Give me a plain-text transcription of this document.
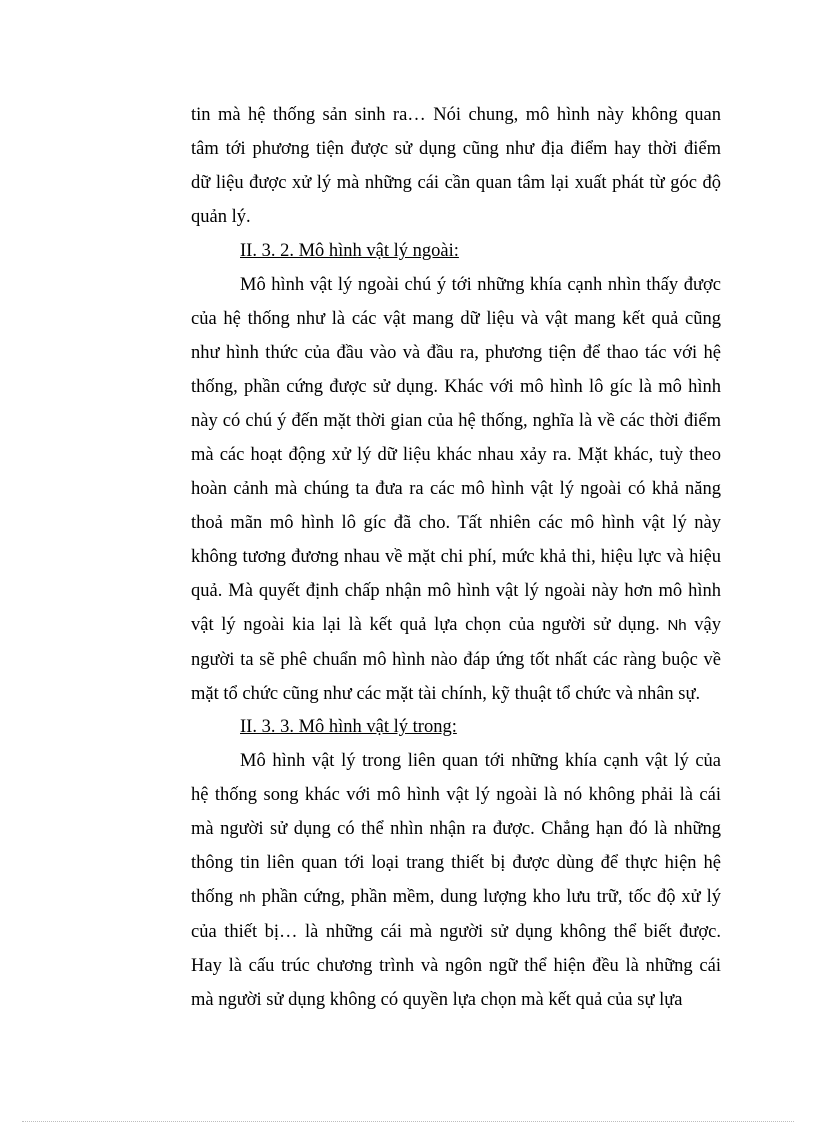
tin mà hệ thống sản sinh ra… Nói chung, mô hình này không quan
tâm tới phương tiện được sử dụng cũng như địa điểm hay thời điểm
dữ liệu được xử lý mà những cái cần quan tâm lại xuất phát từ góc độ
quản lý.
II. 3. 2. Mô hình vật lý ngoài:
Mô hình vật lý ngoài chú ý tới những khía cạnh nhìn thấy được
của hệ thống như là các vật mang dữ liệu và vật mang kết quả cũng
như hình thức của đầu vào và đầu ra, phương tiện để thao tác với hệ
thống, phần cứng được sử dụng. Khác với mô hình lô gíc là mô hình
này có chú ý đến mặt thời gian của hệ thống, nghĩa là về các thời điểm
mà các hoạt động xử lý dữ liệu khác nhau xảy ra. Mặt khác, tuỳ theo
hoàn cảnh mà chúng ta đưa ra các mô hình vật lý ngoài có khả năng
thoả mãn mô hình lô gíc đã cho. Tất nhiên các mô hình vật lý này
không tương đương nhau về mặt chi phí, mức khả thi, hiệu lực và hiệu
quả. Mà quyết định chấp nhận mô hình vật lý ngoài này hơn mô hình
vật lý ngoài kia lại là kết quả lựa chọn của người sử dụng. Nh vậy
người ta sẽ phê chuẩn mô hình nào đáp ứng tốt nhất các ràng buộc về
mặt tổ chức cũng như các mặt tài chính, kỹ thuật tổ chức và nhân sự.
II. 3. 3. Mô hình vật lý trong:
Mô hình vật lý trong liên quan tới những khía cạnh vật lý của
hệ thống song khác với mô hình vật lý ngoài là nó không phải là cái
mà người sử dụng có thể nhìn nhận ra được. Chẳng hạn đó là những
thông tin liên quan tới loại trang thiết bị được dùng để thực hiện hệ
thống nh phần cứng, phần mềm, dung lượng kho lưu trữ, tốc độ xử lý
của thiết bị… là những cái mà người sử dụng không thể biết được.
Hay là cấu trúc chương trình và ngôn ngữ thể hiện đều là những cái
mà người sử dụng không có quyền lựa chọn mà kết quả của sự lựa
